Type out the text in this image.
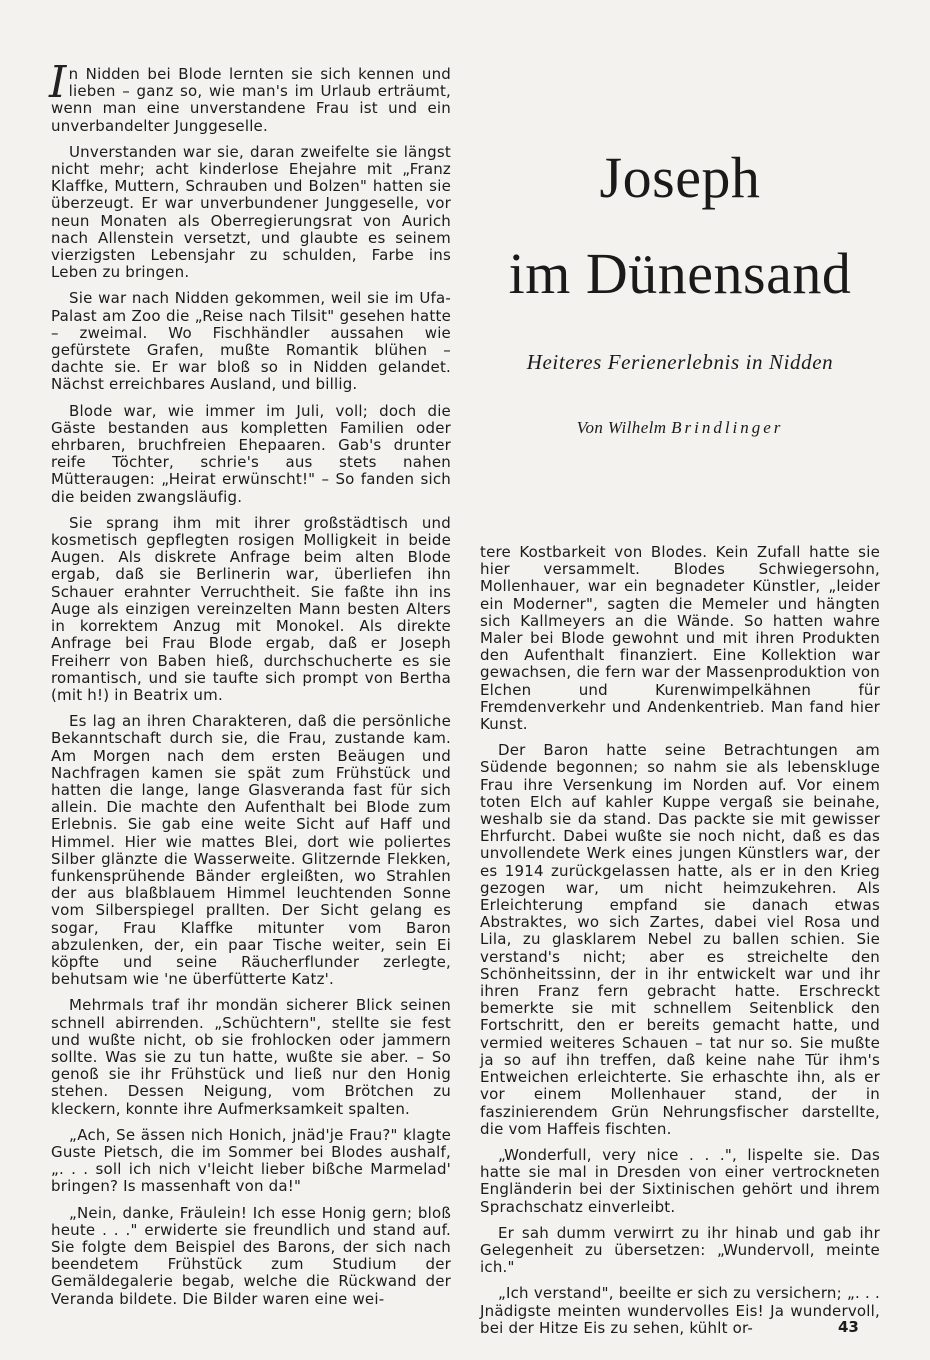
In Nidden bei Blode lernten sie sich kennen und lieben – ganz so, wie man's im Urlaub erträumt, wenn man eine unverstandene Frau ist und ein unverbandelter Junggeselle.

Unverstanden war sie, daran zweifelte sie längst nicht mehr; acht kinderlose Ehejahre mit „Franz Klaffke, Muttern, Schrauben und Bolzen" hatten sie überzeugt. Er war unverbundener Junggeselle, vor neun Monaten als Oberregierungsrat von Aurich nach Allenstein versetzt, und glaubte es seinem vierzigsten Lebensjahr zu schulden, Farbe ins Leben zu bringen.

Sie war nach Nidden gekommen, weil sie im Ufa-Palast am Zoo die „Reise nach Tilsit" gesehen hatte – zweimal. Wo Fischhändler aussahen wie gefürstete Grafen, mußte Romantik blühen – dachte sie. Er war bloß so in Nidden gelandet. Nächst erreichbares Ausland, und billig.

Blode war, wie immer im Juli, voll; doch die Gäste bestanden aus kompletten Familien oder ehrbaren, bruchfreien Ehepaaren. Gab's drunter reife Töchter, schrie's aus stets nahen Mütteraugen: „Heirat erwünscht!" – So fanden sich die beiden zwangsläufig.

Sie sprang ihm mit ihrer großstädtisch und kosmetisch gepflegten rosigen Molligkeit in beide Augen. Als diskrete Anfrage beim alten Blode ergab, daß sie Berlinerin war, überliefen ihn Schauer erahnter Verruchtheit. Sie faßte ihn ins Auge als einzigen vereinzelten Mann besten Alters in korrektem Anzug mit Monokel. Als direkte Anfrage bei Frau Blode ergab, daß er Joseph Freiherr von Baben hieß, durchschucherte es sie romantisch, und sie taufte sich prompt von Bertha (mit h!) in Beatrix um.

Es lag an ihren Charakteren, daß die persönliche Bekanntschaft durch sie, die Frau, zustande kam. Am Morgen nach dem ersten Beäugen und Nachfragen kamen sie spät zum Frühstück und hatten die lange, lange Glasveranda fast für sich allein. Die machte den Aufenthalt bei Blode zum Erlebnis. Sie gab eine weite Sicht auf Haff und Himmel. Hier wie mattes Blei, dort wie poliertes Silber glänzte die Wasserweite. Glitzernde Flekken, funkensprühende Bänder ergleißten, wo Strahlen der aus blaßblauem Himmel leuchtenden Sonne vom Silberspiegel prallten. Der Sicht gelang es sogar, Frau Klaffke mitunter vom Baron abzulenken, der, ein paar Tische weiter, sein Ei köpfte und seine Räucherflunder zerlegte, behutsam wie 'ne überfütterte Katz'.

Mehrmals traf ihr mondän sicherer Blick seinen schnell abirrenden. „Schüchtern", stellte sie fest und wußte nicht, ob sie frohlocken oder jammern sollte. Was sie zu tun hatte, wußte sie aber. – So genoß sie ihr Frühstück und ließ nur den Honig stehen. Dessen Neigung, vom Brötchen zu kleckern, konnte ihre Aufmerksamkeit spalten.

„Ach, Se ässen nich Honich, jnäd'je Frau?" klagte Guste Pietsch, die im Sommer bei Blodes aushalf, „. . . soll ich nich v'leicht lieber bißche Marmelad' bringen? Is massenhaft von da!"

„Nein, danke, Fräulein! Ich esse Honig gern; bloß heute . . ." erwiderte sie freundlich und stand auf. Sie folgte dem Beispiel des Barons, der sich nach beendetem Frühstück zum Studium der Gemäldegalerie begab, welche die Rückwand der Veranda bildete. Die Bilder waren eine wei-

Joseph
im Dünensand
Heiteres Ferienerlebnis in Nidden
Von Wilhelm Brindlinger

tere Kostbarkeit von Blodes. Kein Zufall hatte sie hier versammelt. Blodes Schwiegersohn, Mollenhauer, war ein begnadeter Künstler, „leider ein Moderner", sagten die Memeler und hängten sich Kallmeyers an die Wände. So hatten wahre Maler bei Blode gewohnt und mit ihren Produkten den Aufenthalt finanziert. Eine Kollektion war gewachsen, die fern war der Massenproduktion von Elchen und Kurenwimpelkähnen für Fremdenverkehr und Andenkentrieb. Man fand hier Kunst.

Der Baron hatte seine Betrachtungen am Südende begonnen; so nahm sie als lebenskluge Frau ihre Versenkung im Norden auf. Vor einem toten Elch auf kahler Kuppe vergaß sie beinahe, weshalb sie da stand. Das packte sie mit gewisser Ehrfurcht. Dabei wußte sie noch nicht, daß es das unvollendete Werk eines jungen Künstlers war, der es 1914 zurückgelassen hatte, als er in den Krieg gezogen war, um nicht heimzukehren. Als Erleichterung empfand sie danach etwas Abstraktes, wo sich Zartes, dabei viel Rosa und Lila, zu glasklarem Nebel zu ballen schien. Sie verstand's nicht; aber es streichelte den Schönheitssinn, der in ihr entwickelt war und ihr ihren Franz fern gebracht hatte. Erschreckt bemerkte sie mit schnellem Seitenblick den Fortschritt, den er bereits gemacht hatte, und vermied weiteres Schauen – tat nur so. Sie mußte ja so auf ihn treffen, daß keine nahe Tür ihm's Entweichen erleichterte. Sie erhaschte ihn, als er vor einem Mollenhauer stand, der in faszinierendem Grün Nehrungsfischer darstellte, die vom Haffeis fischten.

„Wonderfull, very nice . . .", lispelte sie. Das hatte sie mal in Dresden von einer vertrockneten Engländerin bei der Sixtinischen gehört und ihrem Sprachschatz einverleibt.

Er sah dumm verwirrt zu ihr hinab und gab ihr Gelegenheit zu übersetzen: „Wundervoll, meinte ich."

„Ich verstand", beeilte er sich zu versichern; „. . . Jnädigste meinten wundervolles Eis! Ja wundervoll, bei der Hitze Eis zu sehen, kühlt or-	43
